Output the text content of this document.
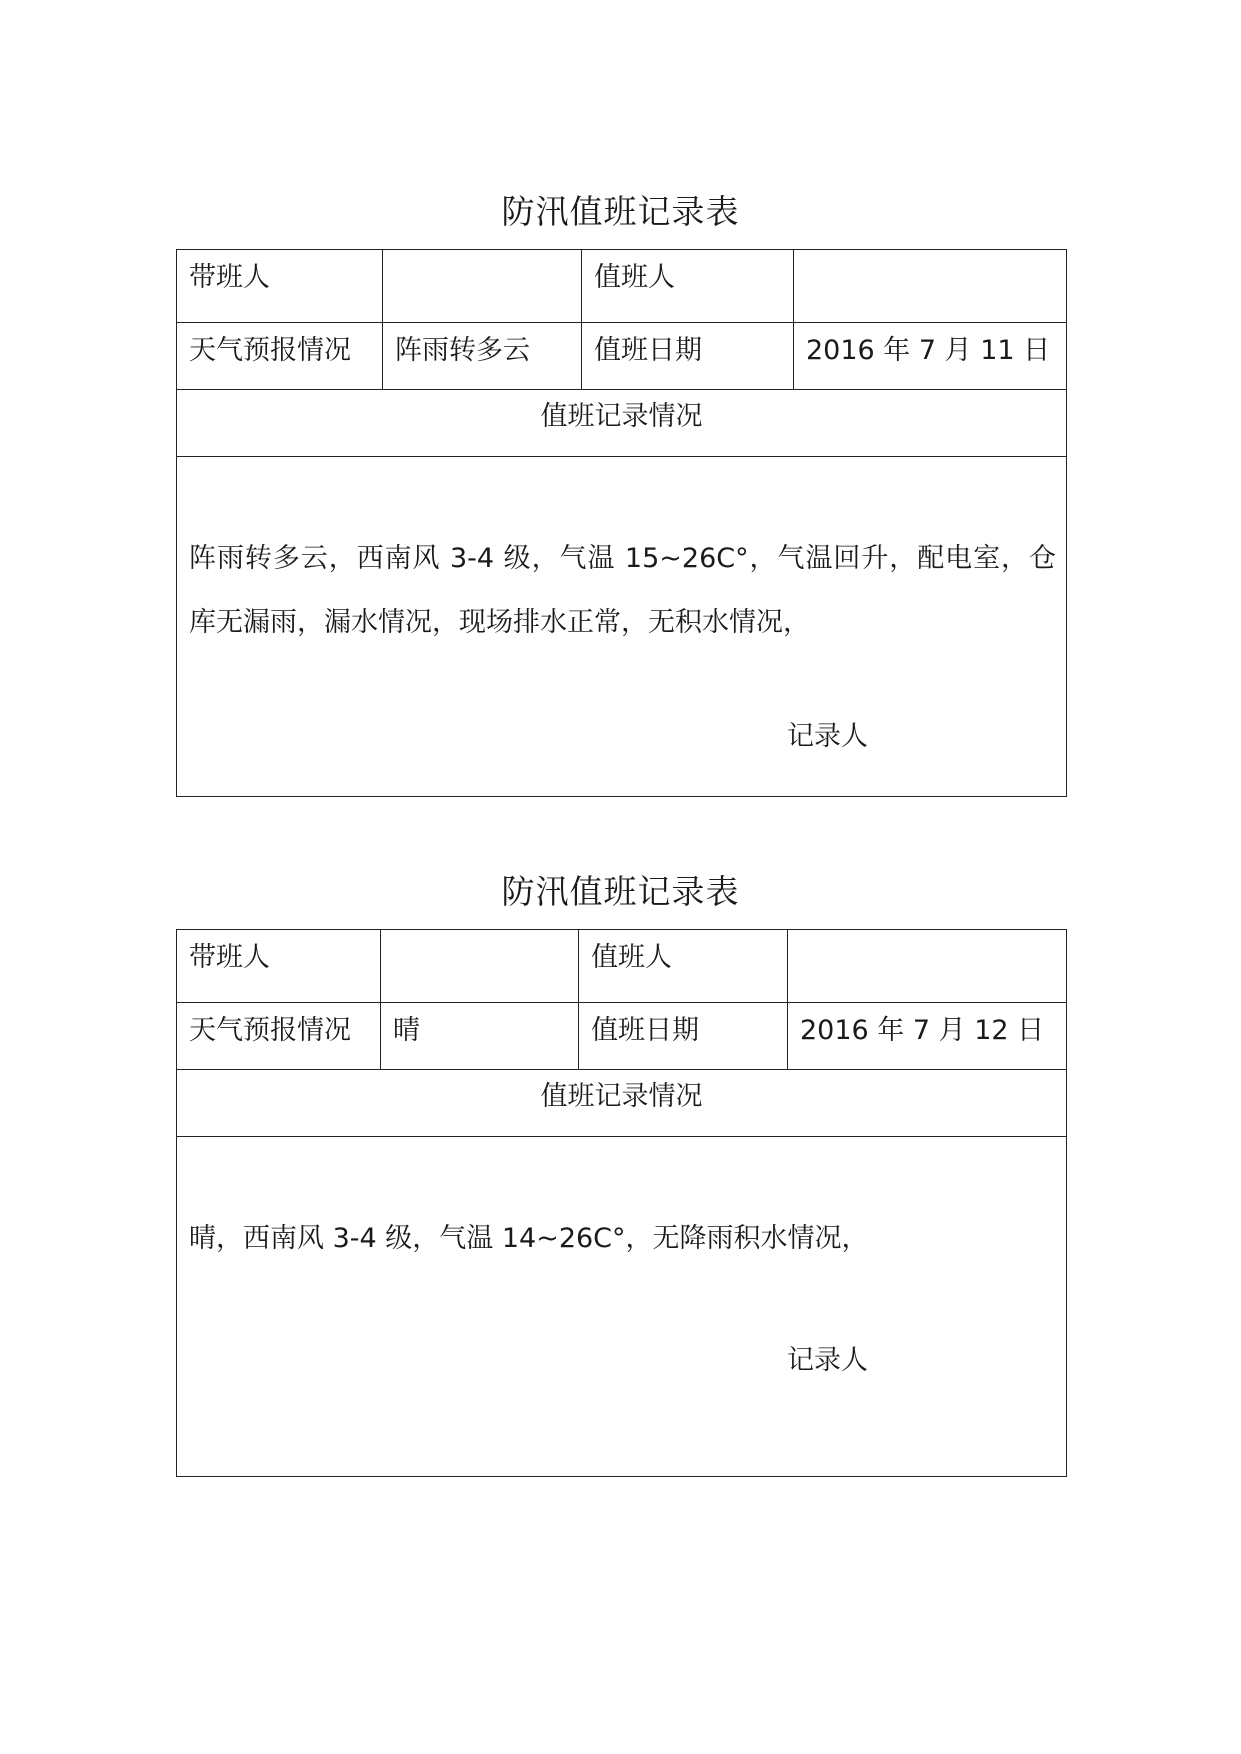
防汛值班记录表
带班人		值班人	
天气预报情况	阵雨转多云	值班日期	2016 年 7 月 11 日
值班记录情况			

阵雨转多云，西南风 3-4 级，气温 15~26C°，气温回升，配电室，仓库无漏雨，漏水情况，现场排水正常，无积水情况，

记录人			

防汛值班记录表
带班人		值班人	
天气预报情况	晴	值班日期	2016 年 7 月 12 日
值班记录情况			

晴，西南风 3-4 级，气温 14~26C°，无降雨积水情况，

记录人			
